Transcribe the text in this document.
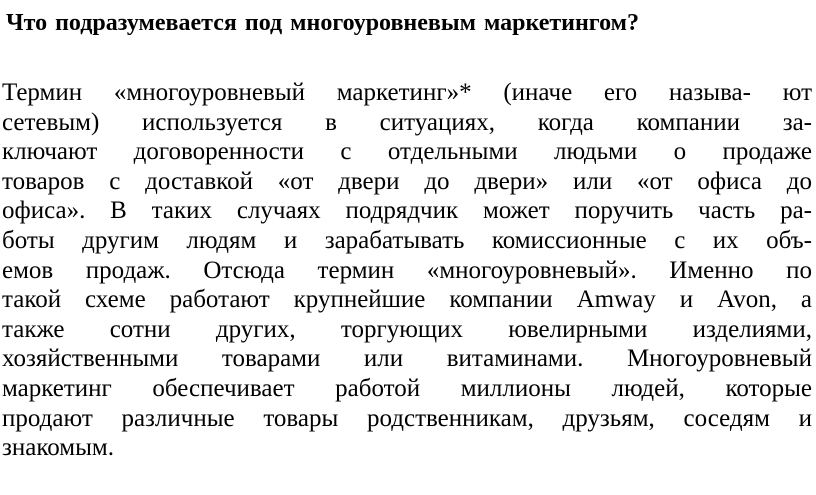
Что подразумевается под многоуровневым маркетингом?
Термин «многоуровневый маркетинг»* (иначе его называ- ют
сетевым) используется в ситуациях, когда компании за-
ключают договоренности с отдельными людьми о продаже
товаров с доставкой «от двери до двери» или «от офиса до
офиса». В таких случаях подрядчик может поручить часть ра-
боты другим людям и зарабатывать комиссионные с их объ-
емов продаж. Отсюда термин «многоуровневый». Именно по
такой схеме работают крупнейшие компании Amway и Avon, а
также сотни других, торгующих ювелирными изделиями,
хозяйственными товарами или витаминами. Многоуровневый
маркетинг обеспечивает работой миллионы людей, которые
продают различные товары родственникам, друзьям, соседям и
знакомым.
